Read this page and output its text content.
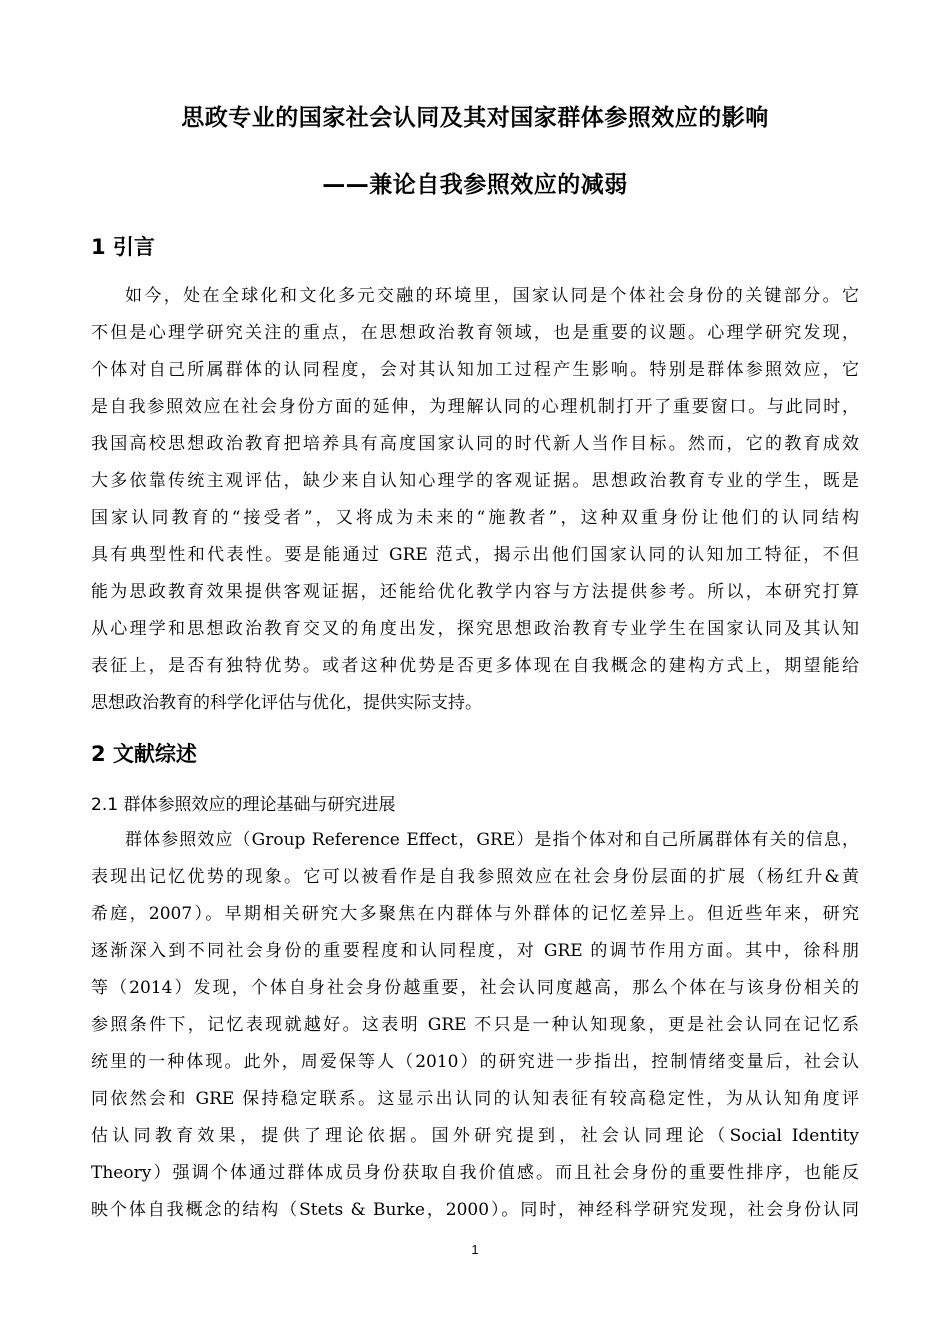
思政专业的国家社会认同及其对国家群体参照效应的影响
——兼论自我参照效应的减弱
1 引言
如今，处在全球化和文化多元交融的环境里，国家认同是个体社会身份的关键部分。它
不但是心理学研究关注的重点，在思想政治教育领域，也是重要的议题。心理学研究发现，
个体对自己所属群体的认同程度，会对其认知加工过程产生影响。特别是群体参照效应，它
是自我参照效应在社会身份方面的延伸，为理解认同的心理机制打开了重要窗口。与此同时，
我国高校思想政治教育把培养具有高度国家认同的时代新人当作目标。然而，它的教育成效
大多依靠传统主观评估，缺少来自认知心理学的客观证据。思想政治教育专业的学生，既是
国家认同教育的“接受者”，又将成为未来的“施教者”，这种双重身份让他们的认同结构
具有典型性和代表性。要是能通过 GRE 范式，揭示出他们国家认同的认知加工特征，不但
能为思政教育效果提供客观证据，还能给优化教学内容与方法提供参考。所以，本研究打算
从心理学和思想政治教育交叉的角度出发，探究思想政治教育专业学生在国家认同及其认知
表征上，是否有独特优势。或者这种优势是否更多体现在自我概念的建构方式上，期望能给
思想政治教育的科学化评估与优化，提供实际支持。
2 文献综述
2.1 群体参照效应的理论基础与研究进展
群体参照效应（Group Reference Effect，GRE）是指个体对和自己所属群体有关的信息，
表现出记忆优势的现象。它可以被看作是自我参照效应在社会身份层面的扩展（杨红升&黄
希庭，2007）。早期相关研究大多聚焦在内群体与外群体的记忆差异上。但近些年来，研究
逐渐深入到不同社会身份的重要程度和认同程度，对 GRE 的调节作用方面。其中，徐科朋
等（2014）发现，个体自身社会身份越重要，社会认同度越高，那么个体在与该身份相关的
参照条件下，记忆表现就越好。这表明 GRE 不只是一种认知现象，更是社会认同在记忆系
统里的一种体现。此外，周爱保等人（2010）的研究进一步指出，控制情绪变量后，社会认
同依然会和 GRE 保持稳定联系。这显示出认同的认知表征有较高稳定性，为从认知角度评
估认同教育效果，提供了理论依据。国外研究提到，社会认同理论（Social Identity
Theory）强调个体通过群体成员身份获取自我价值感。而且社会身份的重要性排序，也能反
映个体自我概念的结构（Stets & Burke，2000）。同时，神经科学研究发现，社会身份认同
1
